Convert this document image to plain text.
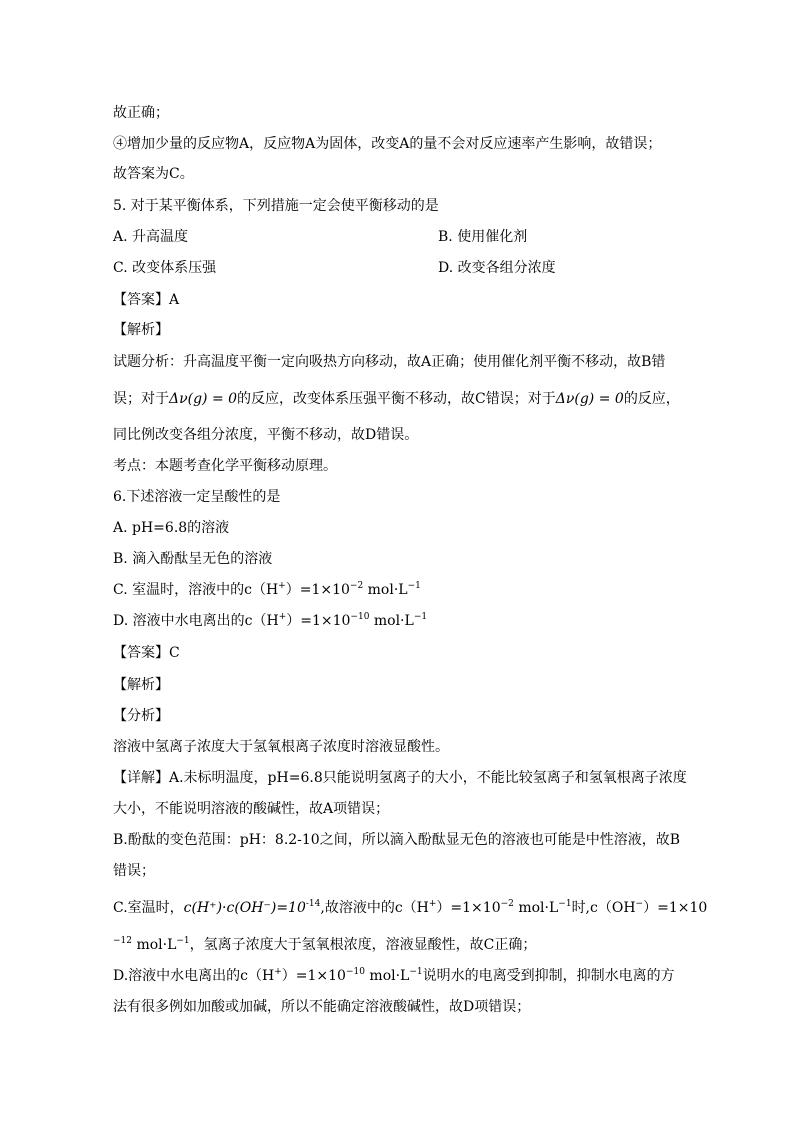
故正确；
④增加少量的反应物A，反应物A为固体，改变A的量不会对反应速率产生影响，故错误；
故答案为C。
5. 对于某平衡体系，下列措施一定会使平衡移动的是
A. 升高温度	B. 使用催化剂
C. 改变体系压强	D. 改变各组分浓度
【答案】A
【解析】
试题分析：升高温度平衡一定向吸热方向移动，故A正确；使用催化剂平衡不移动，故B错
误；对于Δν(g) = 0的反应，改变体系压强平衡不移动，故C错误；对于Δν(g) = 0的反应，
同比例改变各组分浓度，平衡不移动，故D错误。
考点：本题考查化学平衡移动原理。
6.下述溶液一定呈酸性的是
A. pH=6.8的溶液
B. 滴入酚酞呈无色的溶液
C. 室温时，溶液中的$c(H^+)=1\times 10^{-2}$ $mol\cdot L^{-1}$
D. 溶液中水电离出的$c(H^+)=1\times 10^{-10}$ $mol\cdot L^{-1}$
【答案】C
【解析】
【分析】
溶液中氢离子浓度大于氢氧根离子浓度时溶液显酸性。
【详解】A.未标明温度，pH=6.8只能说明氢离子的大小，不能比较氢离子和氢氧根离子浓度
大小，不能说明溶液的酸碱性，故A项错误；
B.酚酞的变色范围：pH：8.2-10之间，所以滴入酚酞显无色的溶液也可能是中性溶液，故B
错误；
C.室温时，$c(H^+)\cdot c(OH^-)=10^{-14}$,故溶液中的$c(H^+)=1\times 10^{-2}$ $mol\cdot L^{-1}$时,c（OH−）=1×10
$^{-12}$ $mol\cdot L^{-1}$，氢离子浓度大于氢氧根浓度，溶液显酸性，故C正确；
D.溶液中水电离出的$c(H^+)=1\times 10^{-10}$ $mol\cdot L^{-1}$说明水的电离受到抑制，抑制水电离的方
法有很多例如加酸或加碱，所以不能确定溶液酸碱性，故D项错误；
